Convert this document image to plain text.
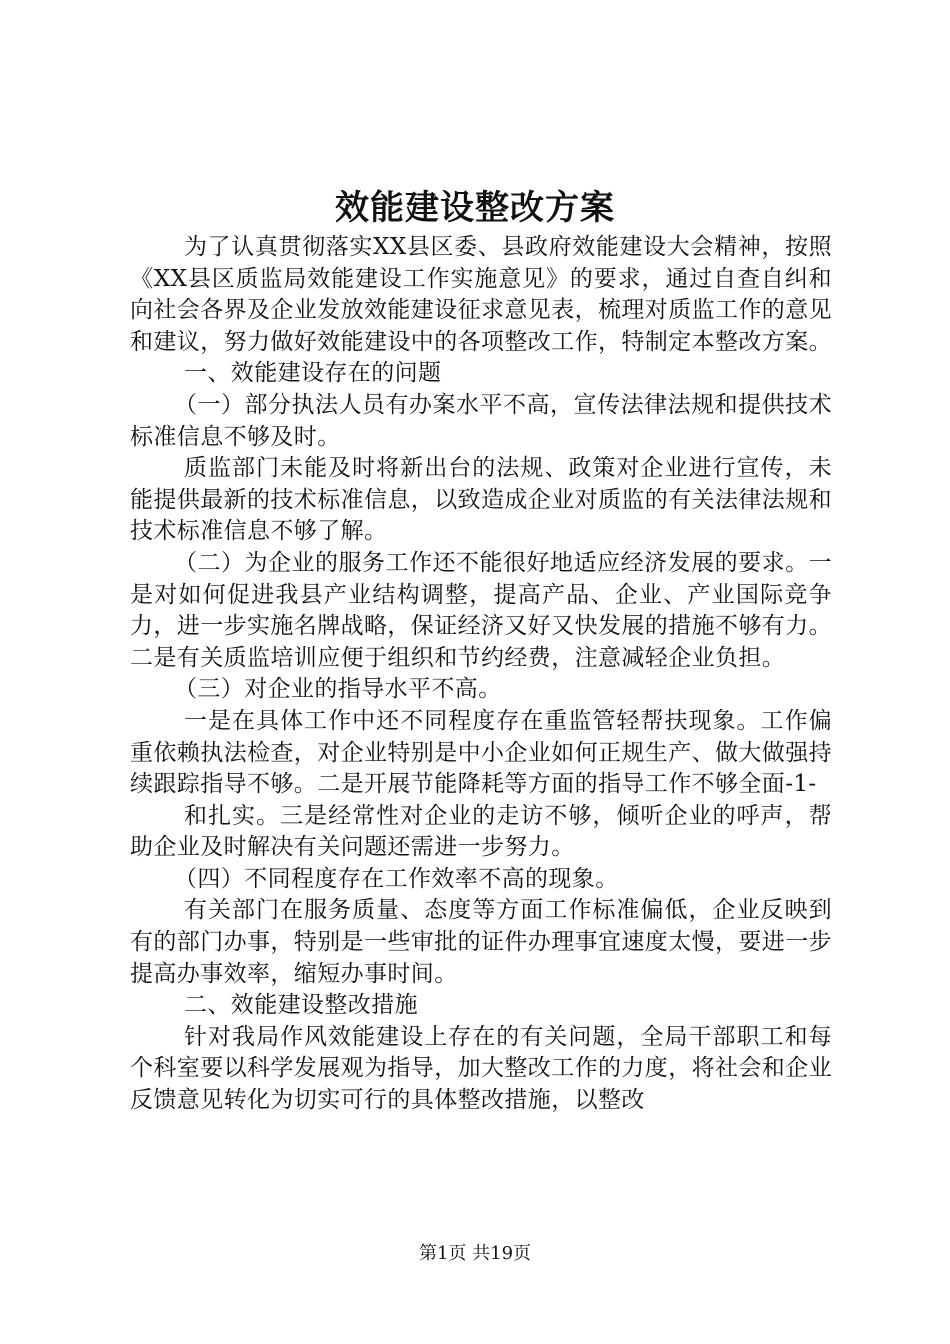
效能建设整改方案

为了认真贯彻落实XX县区委、县政府效能建设大会精神，按照《XX县区质监局效能建设工作实施意见》的要求，通过自查自纠和向社会各界及企业发放效能建设征求意见表，梳理对质监工作的意见和建议，努力做好效能建设中的各项整改工作，特制定本整改方案。

一、效能建设存在的问题

（一）部分执法人员有办案水平不高，宣传法律法规和提供技术标准信息不够及时。

质监部门未能及时将新出台的法规、政策对企业进行宣传，未能提供最新的技术标准信息，以致造成企业对质监的有关法律法规和技术标准信息不够了解。

（二）为企业的服务工作还不能很好地适应经济发展的要求。一是对如何促进我县产业结构调整，提高产品、企业、产业国际竞争力，进一步实施名牌战略，保证经济又好又快发展的措施不够有力。二是有关质监培训应便于组织和节约经费，注意减轻企业负担。

（三）对企业的指导水平不高。

一是在具体工作中还不同程度存在重监管轻帮扶现象。工作偏重依赖执法检查，对企业特别是中小企业如何正规生产、做大做强持续跟踪指导不够。二是开展节能降耗等方面的指导工作不够全面-1-

和扎实。三是经常性对企业的走访不够，倾听企业的呼声，帮助企业及时解决有关问题还需进一步努力。

（四）不同程度存在工作效率不高的现象。

有关部门在服务质量、态度等方面工作标准偏低，企业反映到有的部门办事，特别是一些审批的证件办理事宜速度太慢，要进一步提高办事效率，缩短办事时间。

二、效能建设整改措施

针对我局作风效能建设上存在的有关问题，全局干部职工和每个科室要以科学发展观为指导，加大整改工作的力度，将社会和企业反馈意见转化为切实可行的具体整改措施，以整改

第1页 共19页
